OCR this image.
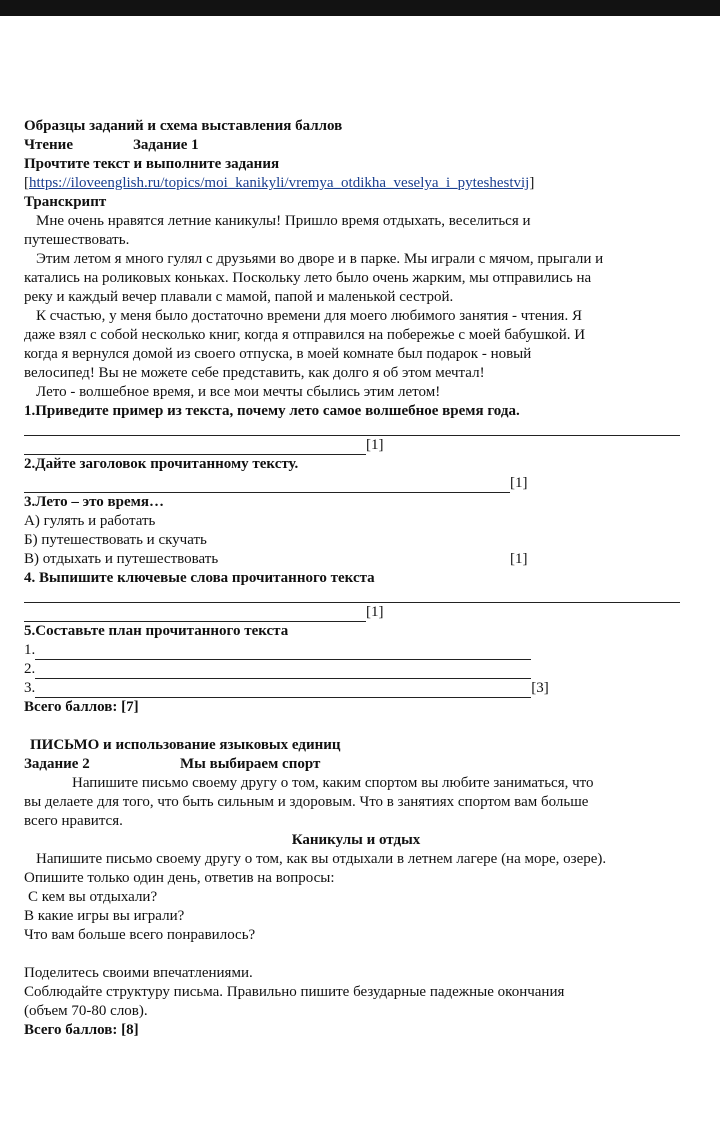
Образцы заданий и схема выставления баллов
Чтение	Задание 1
Прочтите текст и выполните задания
[https://iloveenglish.ru/topics/moi_kanikyli/vremya_otdikha_veselya_i_pyteshestvij]
Транскрипт
Мне очень нравятся летние каникулы! Пришло время отдыхать, веселиться и
путешествовать.
Этим летом я много гулял с друзьями во дворе и в парке. Мы играли с мячом, прыгали и
катались на роликовых коньках. Поскольку лето было очень жарким, мы отправились на
реку и каждый вечер плавали с мамой, папой и маленькой сестрой.
К счастью, у меня было достаточно времени для моего любимого занятия - чтения. Я
даже взял с собой несколько книг, когда я отправился на побережье с моей бабушкой. И
когда я вернулся домой из своего отпуска, в моей комнате был подарок - новый
велосипед! Вы не можете себе представить, как долго я об этом мечтал!
Лето - волшебное время, и все мои мечты сбылись этим летом!
1.Приведите пример из текста, почему лето самое волшебное время года.
[1]
2.Дайте заголовок прочитанному тексту.
[1]
3.Лето – это время…
А) гулять и работать
Б) путешествовать и скучать
В) отдыхать и путешествовать	[1]
4. Выпишите ключевые слова прочитанного текста
[1]
5.Составьте план прочитанного текста
1.
2.
3.	[3]
Всего баллов: [7]
ПИСЬМО и использование языковых единиц
Задание 2	Мы выбираем спорт
Напишите письмо своему другу о том, каким спортом вы любите заниматься, что
вы делаете для того, что быть сильным и здоровым. Что в занятиях спортом вам больше
всего нравится.
Каникулы и отдых
Напишите письмо своему другу о том, как вы отдыхали в летнем лагере (на море, озере).
Опишите только один день, ответив на вопросы:
С кем вы отдыхали?
В какие игры вы играли?
Что вам больше всего понравилось?
Поделитесь своими впечатлениями.
Соблюдайте структуру письма. Правильно пишите безударные падежные окончания
(объем 70-80 слов).
Всего баллов: [8]
